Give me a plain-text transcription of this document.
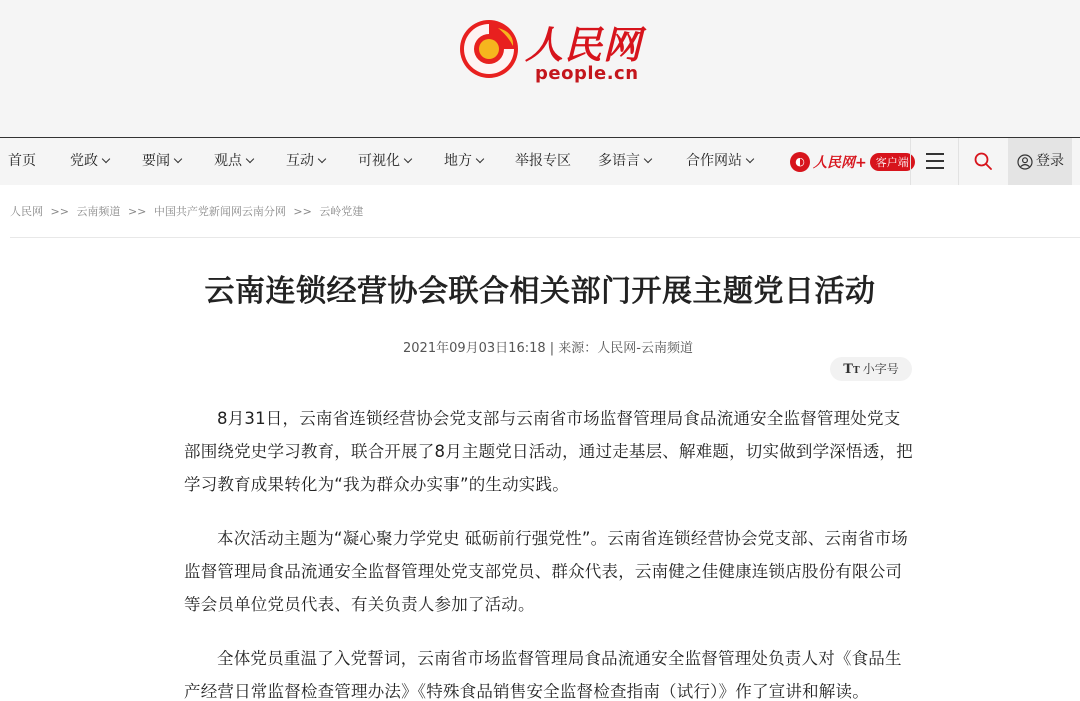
人民网
people.cn
首页 党政	要闻	观点	互动	可视化	地方	举报专区 多语言	合作网站	◐ 人民网+ 客户端	登录
人民网 >> 云南频道 >> 中国共产党新闻网云南分网 >> 云岭党建
云南连锁经营协会联合相关部门开展主题党日活动
2021年09月03日16:18 | 来源：人民网-云南频道
TT 小字号

8月31日，云南省连锁经营协会党支部与云南省市场监督管理局食品流通安全监督管理处党支部围绕党史学习教育，联合开展了8月主题党日活动，通过走基层、解难题，切实做到学深悟透，把学习教育成果转化为“我为群众办实事”的生动实践。

本次活动主题为“凝心聚力学党史 砥砺前行强党性”。云南省连锁经营协会党支部、云南省市场监督管理局食品流通安全监督管理处党支部党员、群众代表，云南健之佳健康连锁店股份有限公司等会员单位党员代表、有关负责人参加了活动。

全体党员重温了入党誓词，云南省市场监督管理局食品流通安全监督管理处负责人对《食品生产经营日常监督检查管理办法》《特殊食品销售安全监督检查指南（试行）》作了宣讲和解读。
